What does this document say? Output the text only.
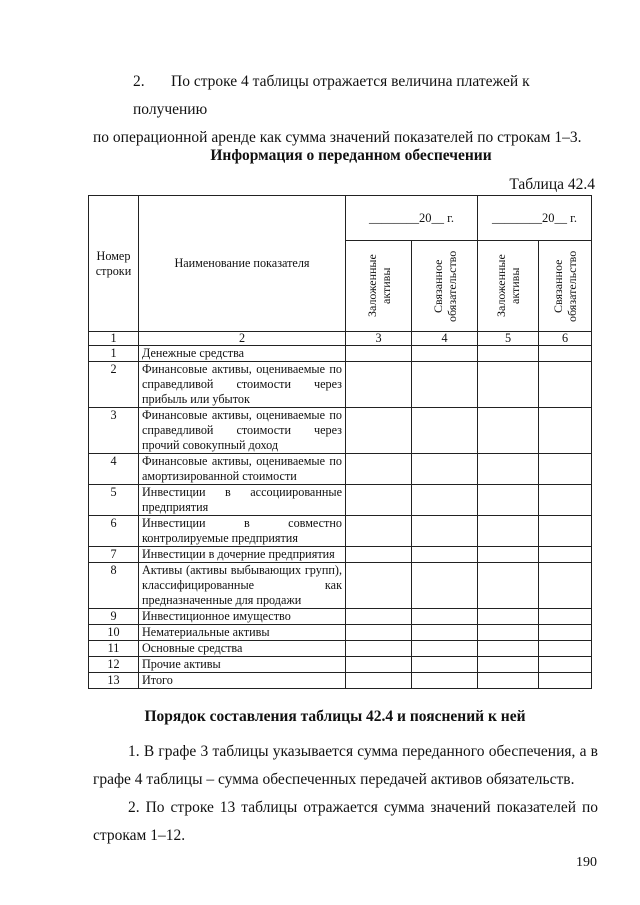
2. По строке 4 таблицы отражается величина платежей к получению
по операционной аренде как сумма значений показателей по строкам 1–3.
Информация о переданном обеспечении
Таблица 42.4
Номер строки	Наименование показателя	________20__ г.		________20__ г.	

		Заложенные активы	Связанное обязательство	Заложенные активы	Связанное обязательство

1	2	3	4	5	6
1	Денежные средства				
2	Финансовые активы, оцениваемые по справедливой стоимости через прибыль или убыток				
3	Финансовые активы, оцениваемые по справедливой стоимости через прочий совокупный доход				
4	Финансовые активы, оцениваемые по амортизированной стоимости				
5	Инвестиции в ассоциированные предприятия				
6	Инвестиции в совместно контролируемые предприятия				
7	Инвестиции в дочерние предприятия				
8	Активы (активы выбывающих групп), классифицированные как предназначенные для продажи				
9	Инвестиционное имущество				
10	Нематериальные активы				
11	Основные средства				
12	Прочие активы				
13	Итого				
Порядок составления таблицы 42.4 и пояснений к ней
1. В графе 3 таблицы указывается сумма переданного обеспечения, а в графе 4 таблицы – сумма обеспеченных передачей активов обязательств.
2. По строке 13 таблицы отражается сумма значений показателей по строкам 1–12.
190
